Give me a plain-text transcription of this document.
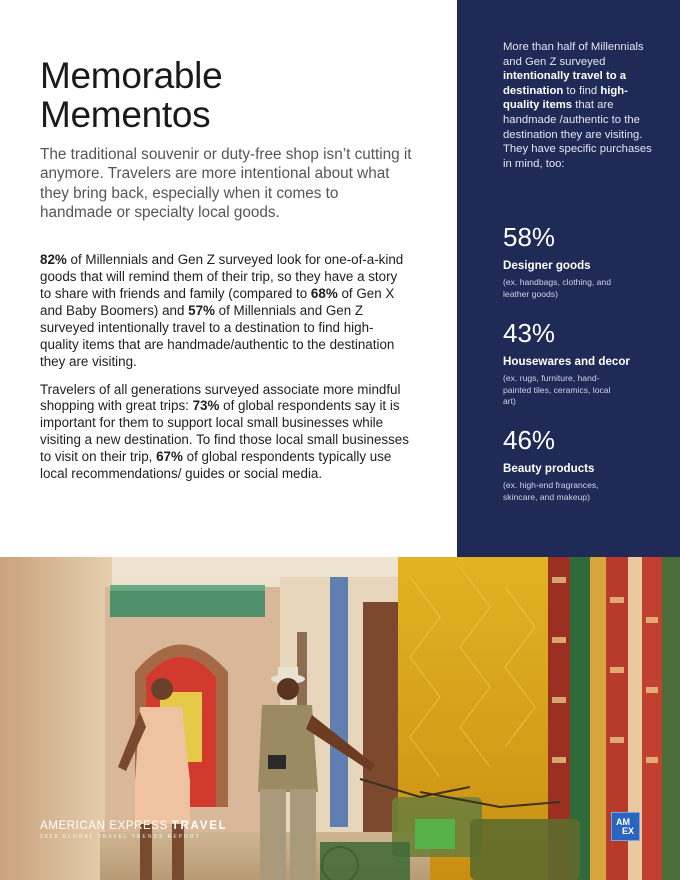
Memorable
Mementos

The traditional souvenir or duty-free shop isn’t cutting it anymore. Travelers are more intentional about what they bring back, especially when it comes to handmade or specialty local goods.

82% of Millennials and Gen Z surveyed look for one-of-a-kind goods that will remind them of their trip, so they have a story to share with friends and family (compared to 68% of Gen X and Baby Boomers) and 57% of Millennials and Gen Z surveyed intentionally travel to a destination to find high-quality items that are handmade/authentic to the destination they are visiting.

Travelers of all generations surveyed associate more mindful shopping with great trips: 73% of global respondents say it is important for them to support local small businesses while visiting a new destination. To find those local small businesses to visit on their trip, 67% of global respondents typically use local recommendations/ guides or social media.

More than half of Millennials and Gen Z surveyed intentionally travel to a destination to find high-quality items that are handmade /authentic to the destination they are visiting. They have specific purchases in mind, too:

58%
Designer goods
(ex. handbags, clothing, and leather goods)
43%
Housewares and decor
(ex. rugs, furniture, hand-painted tiles, ceramics, local art)
46%
Beauty products
(ex. high-end fragrances, skincare, and makeup)
AMERICAN EXPRESS TRAVEL
2025 GLOBAL TRAVEL TRENDS REPORT
AM
EX
